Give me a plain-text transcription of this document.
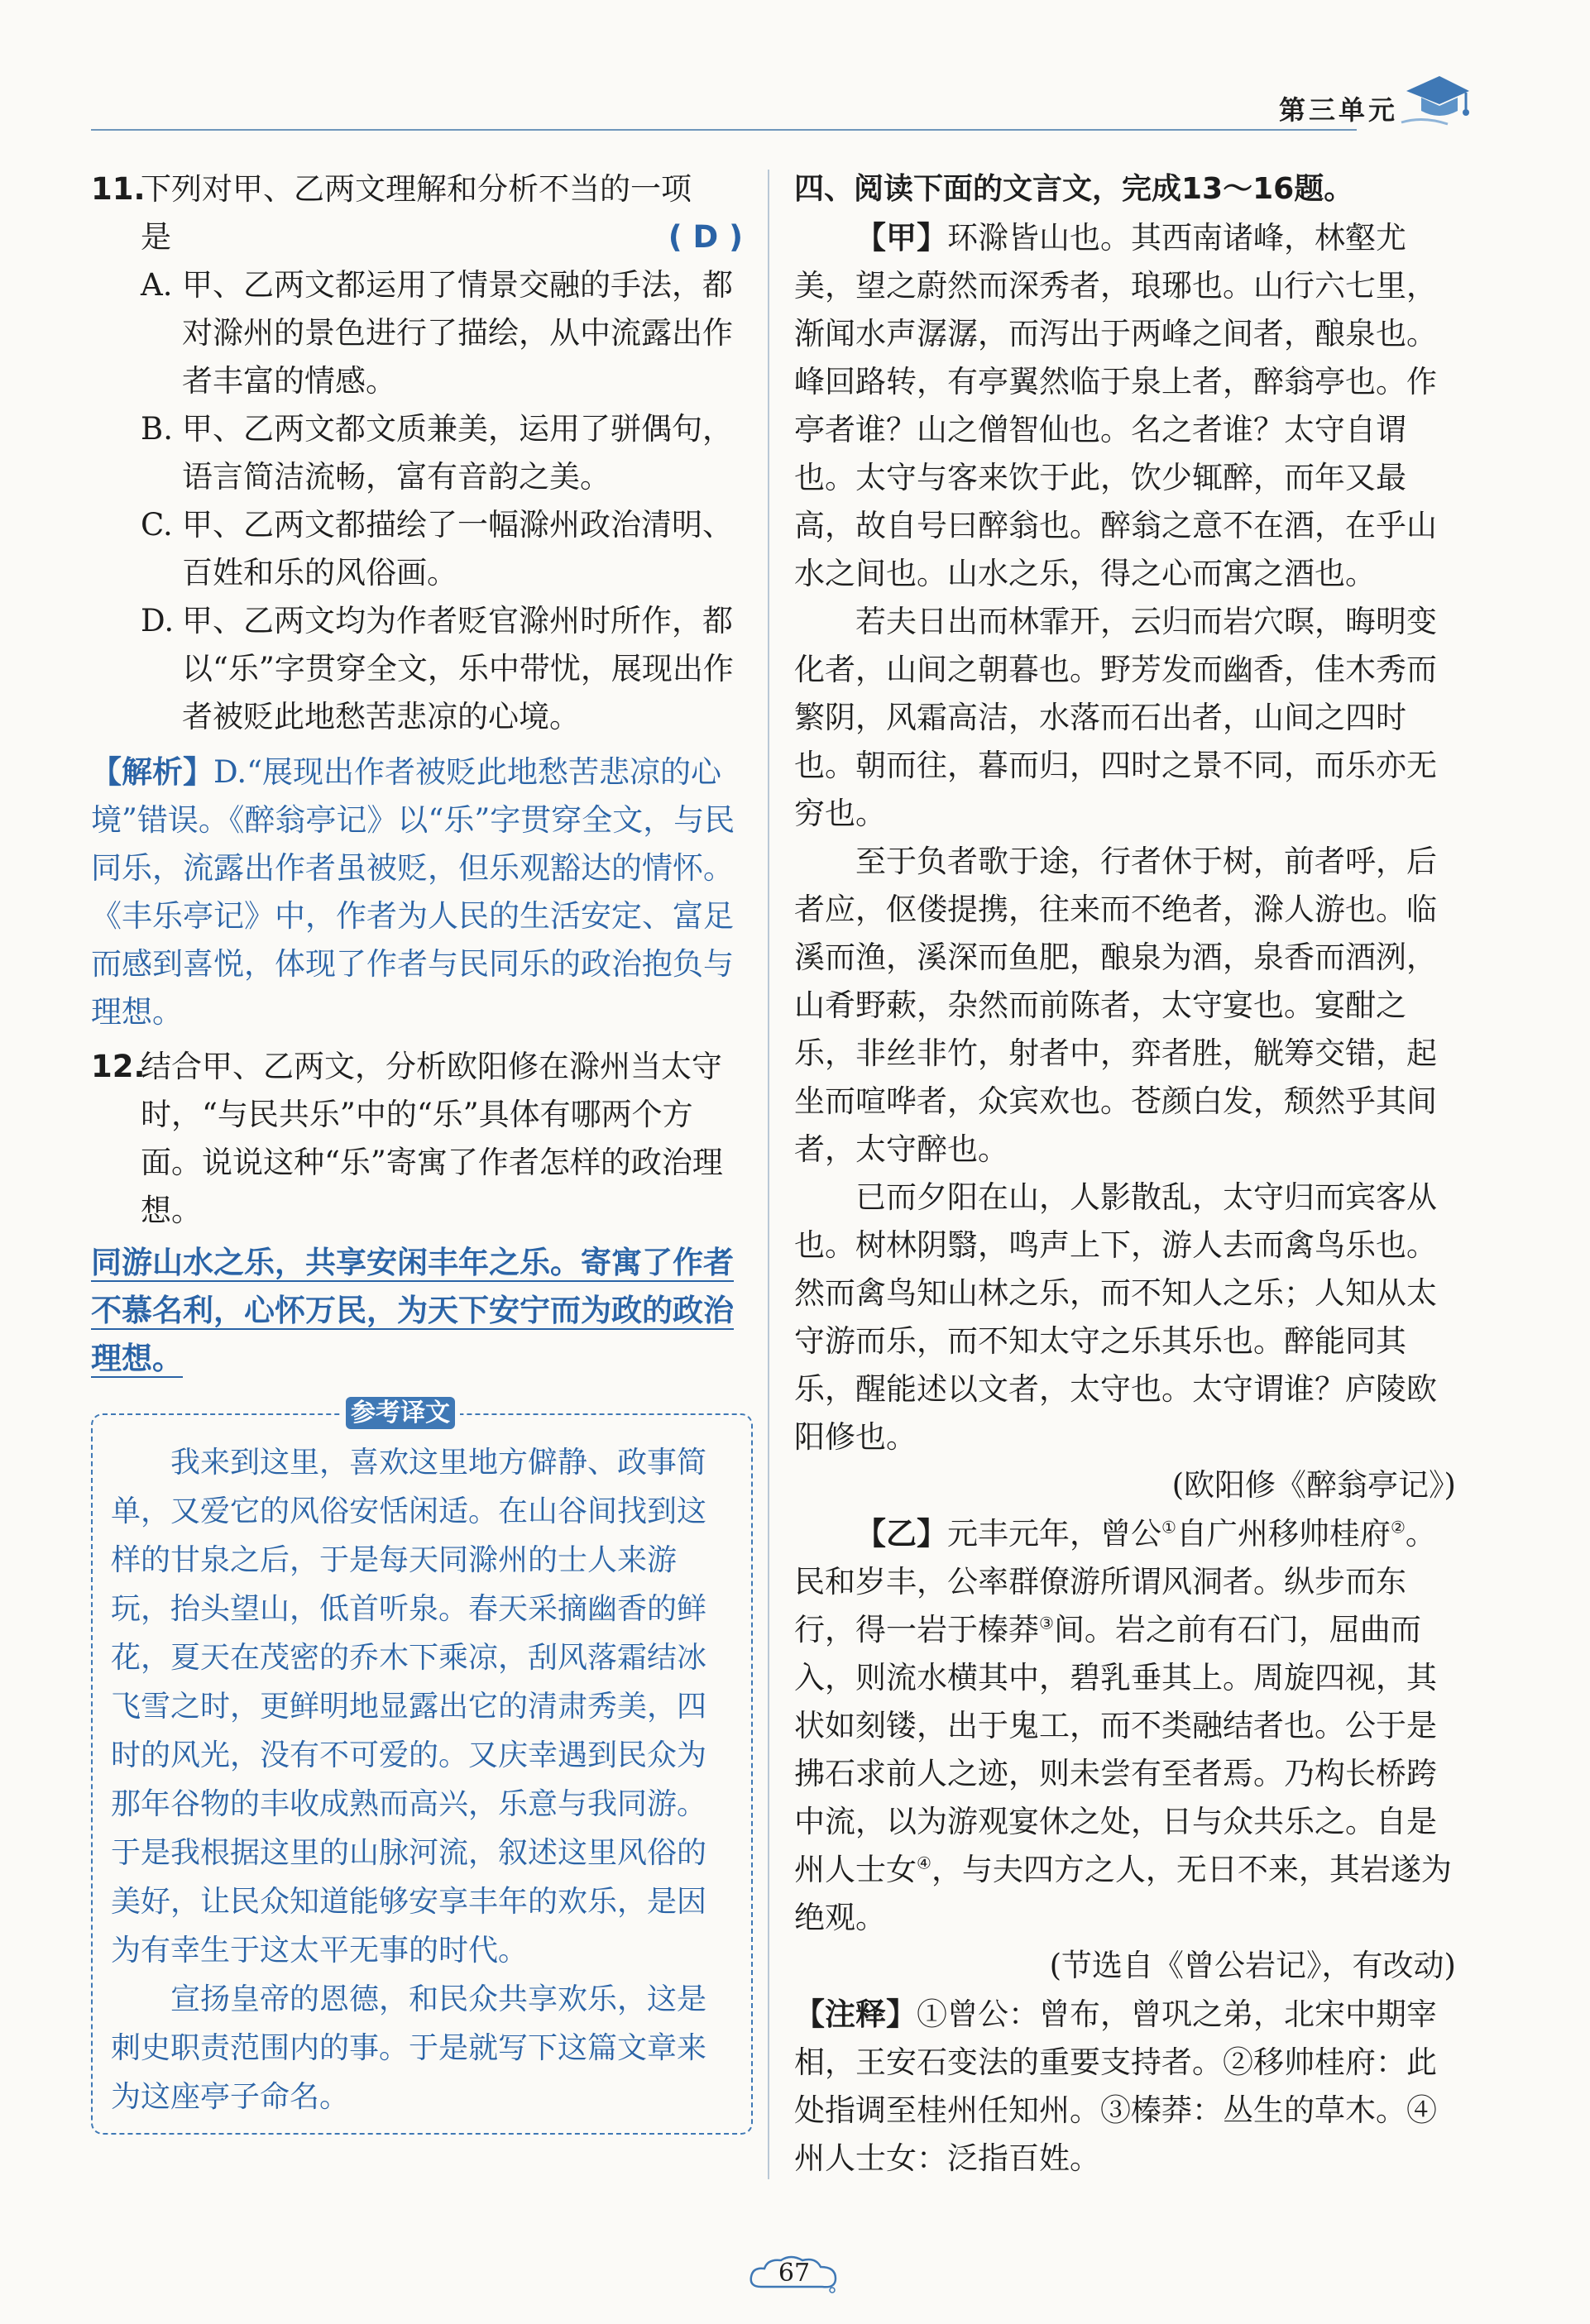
第三单元
11.

下列对甲、乙两文理解和分析不当的一项

是	( D )
A. 甲、乙两文都运用了情景交融的手法，都对滁州的景色进行了描绘，从中流露出作者丰富的情感。

B. 甲、乙两文都文质兼美，运用了骈偶句，语言简洁流畅，富有音韵之美。

C. 甲、乙两文都描绘了一幅滁州政治清明、百姓和乐的风俗画。

D. 甲、乙两文均为作者贬官滁州时所作，都以“乐”字贯穿全文，乐中带忧，展现出作者被贬此地愁苦悲凉的心境。

【解析】D.“展现出作者被贬此地愁苦悲凉的心境”错误。《醉翁亭记》以“乐”字贯穿全文，与民同乐，流露出作者虽被贬，但乐观豁达的情怀。《丰乐亭记》中，作者为人民的生活安定、富足而感到喜悦，体现了作者与民同乐的政治抱负与理想。

12.

结合甲、乙两文，分析欧阳修在滁州当太守时，“与民共乐”中的“乐”具体有哪两个方面。说说这种“乐”寄寓了作者怎样的政治理想。

同游山水之乐，共享安闲丰年之乐。寄寓了作者不慕名利，心怀万民，为天下安宁而为政的政治理想。

参考译文

我来到这里，喜欢这里地方僻静、政事简单，又爱它的风俗安恬闲适。在山谷间找到这样的甘泉之后，于是每天同滁州的士人来游玩，抬头望山，低首听泉。春天采摘幽香的鲜花，夏天在茂密的乔木下乘凉，刮风落霜结冰飞雪之时，更鲜明地显露出它的清肃秀美，四时的风光，没有不可爱的。又庆幸遇到民众为那年谷物的丰收成熟而高兴，乐意与我同游。于是我根据这里的山脉河流，叙述这里风俗的美好，让民众知道能够安享丰年的欢乐，是因为有幸生于这太平无事的时代。

宣扬皇帝的恩德，和民众共享欢乐，这是刺史职责范围内的事。于是就写下这篇文章来为这座亭子命名。

四、阅读下面的文言文，完成13～16题。

【甲】环滁皆山也。其西南诸峰，林壑尤美，望之蔚然而深秀者，琅琊也。山行六七里，渐闻水声潺潺，而泻出于两峰之间者，酿泉也。峰回路转，有亭翼然临于泉上者，醉翁亭也。作亭者谁？山之僧智仙也。名之者谁？太守自谓也。太守与客来饮于此，饮少辄醉，而年又最高，故自号曰醉翁也。醉翁之意不在酒，在乎山水之间也。山水之乐，得之心而寓之酒也。

若夫日出而林霏开，云归而岩穴暝，晦明变化者，山间之朝暮也。野芳发而幽香，佳木秀而繁阴，风霜高洁，水落而石出者，山间之四时也。朝而往，暮而归，四时之景不同，而乐亦无穷也。

至于负者歌于途，行者休于树，前者呼，后者应，伛偻提携，往来而不绝者，滁人游也。临溪而渔，溪深而鱼肥，酿泉为酒，泉香而酒洌，山肴野蔌，杂然而前陈者，太守宴也。宴酣之乐，非丝非竹，射者中，弈者胜，觥筹交错，起坐而喧哗者，众宾欢也。苍颜白发，颓然乎其间者，太守醉也。

已而夕阳在山，人影散乱，太守归而宾客从也。树林阴翳，鸣声上下，游人去而禽鸟乐也。然而禽鸟知山林之乐，而不知人之乐；人知从太守游而乐，而不知太守之乐其乐也。醉能同其乐，醒能述以文者，太守也。太守谓谁？庐陵欧阳修也。

(欧阳修《醉翁亭记》)

【乙】元丰元年，曾公①自广州移帅桂府②。民和岁丰，公率群僚游所谓风洞者。纵步而东行，得一岩于榛莽③间。岩之前有石门，屈曲而入，则流水横其中，碧乳垂其上。周旋四视，其状如刻镂，出于鬼工，而不类融结者也。公于是拂石求前人之迹，则未尝有至者焉。乃构长桥跨中流，以为游观宴休之处，日与众共乐之。自是州人士女④，与夫四方之人，无日不来，其岩遂为绝观。

(节选自《曾公岩记》，有改动)

【注释】①曾公：曾布，曾巩之弟，北宋中期宰相，王安石变法的重要支持者。②移帅桂府：此处指调至桂州任知州。③榛莽：丛生的草木。④州人士女：泛指百姓。

67
